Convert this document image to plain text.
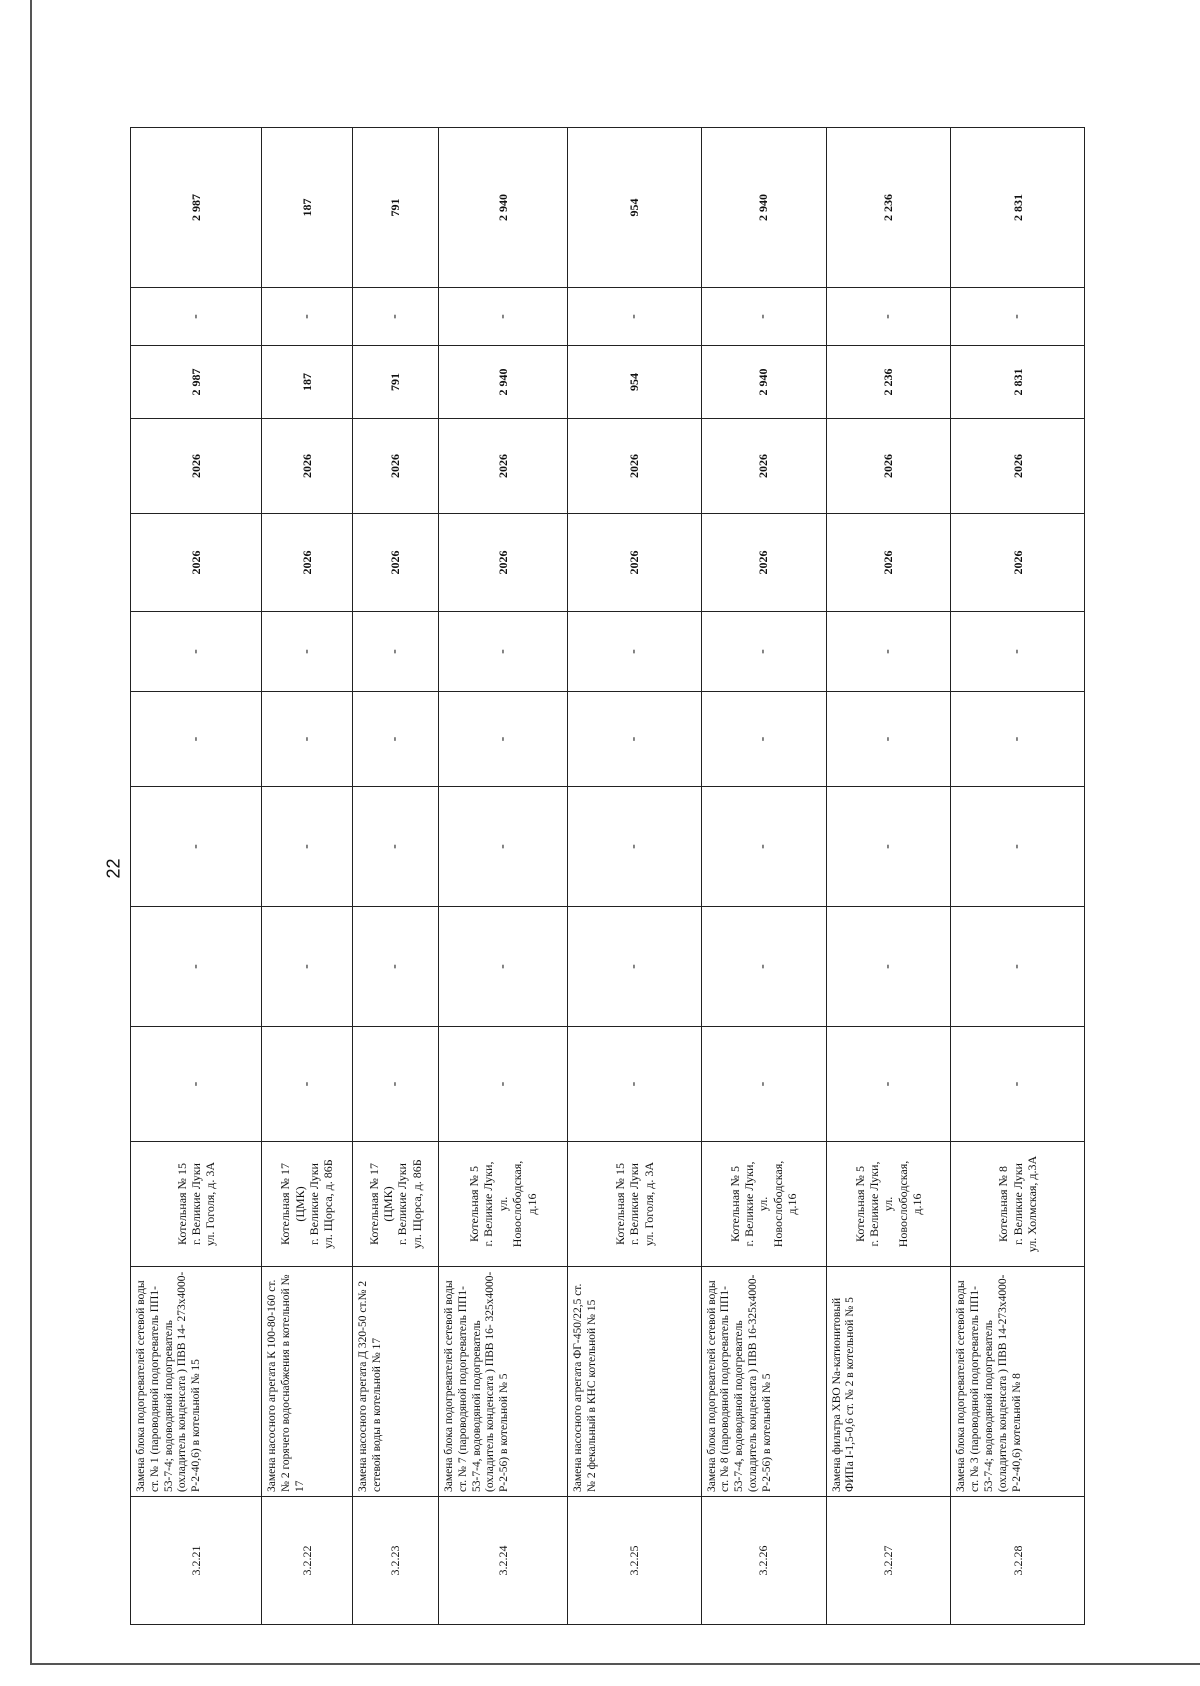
22
3.2.21	Замена блока подогревателей сетевой воды ст. № 1 (пароводяной подогреватель ПП1-53-7-4; водоводяной подогреватель (охладитель конденсата ) ПВВ 14- 273х4000-Р-2-40,6) в котельной № 15	Котельная № 15
г. Великие Луки
ул. Гоголя, д. 3А	-	-	-	-	-	2026	2026	2 987	-	2 987
3.2.22	Замена насосного агрегата К 100-80-160 ст. № 2 горячего водоснабжения в котельной № 17	Котельная № 17
(ЦМК)
г. Великие Луки
ул. Щорса, д. 86Б	-	-	-	-	-	2026	2026	187	-	187
3.2.23	Замена насосного агрегата Д 320-50 ст.№ 2 сетевой воды в котельной № 17	Котельная № 17
(ЦМК)
г. Великие Луки
ул. Щорса, д. 86Б	-	-	-	-	-	2026	2026	791	-	791
3.2.24	Замена блока подогревателей сетевой воды ст. № 7 (пароводяной подогреватель ПП1-53-7-4, водоводяной подогреватель (охладитель конденсата ) ПВВ 16- 325х4000-Р-2-56) в котельной № 5	Котельная № 5
г. Великие Луки,
ул.
Новослободская,
д.16	-	-	-	-	-	2026	2026	2 940	-	2 940
3.2.25	Замена насосного агрегата ФГ-450/22,5 ст. № 2 фекальный в КНС котельной № 15	Котельная № 15
г. Великие Луки
ул. Гоголя, д. 3А	-	-	-	-	-	2026	2026	954	-	954
3.2.26	Замена блока подогревателей сетевой воды ст. № 8 (пароводяной подогреватель ПП1-53-7-4, водоводяной подогреватель (охладитель конденсата ) ПВВ 16-325х4000-Р-2-56) в котельной № 5	Котельная № 5
г. Великие Луки,
ул.
Новослободская,
д.16	-	-	-	-	-	2026	2026	2 940	-	2 940
3.2.27	Замена фильтра ХВО Na-катионитовый ФИПа I-1,5-0,6 ст. № 2 в котельной № 5	Котельная № 5
г. Великие Луки,
ул.
Новослободская,
д.16	-	-	-	-	-	2026	2026	2 236	-	2 236
3.2.28	Замена блока подогревателей сетевой воды ст. № 3 (пароводяной подогреватель ПП1-53-7-4; водоводяной подогреватель (охладитель конденсата ) ПВВ 14-273х4000-Р-2-40,6) котельной № 8	Котельная № 8
г. Великие Луки
ул. Холмская, д.3А	-	-	-	-	-	2026	2026	2 831	-	2 831
